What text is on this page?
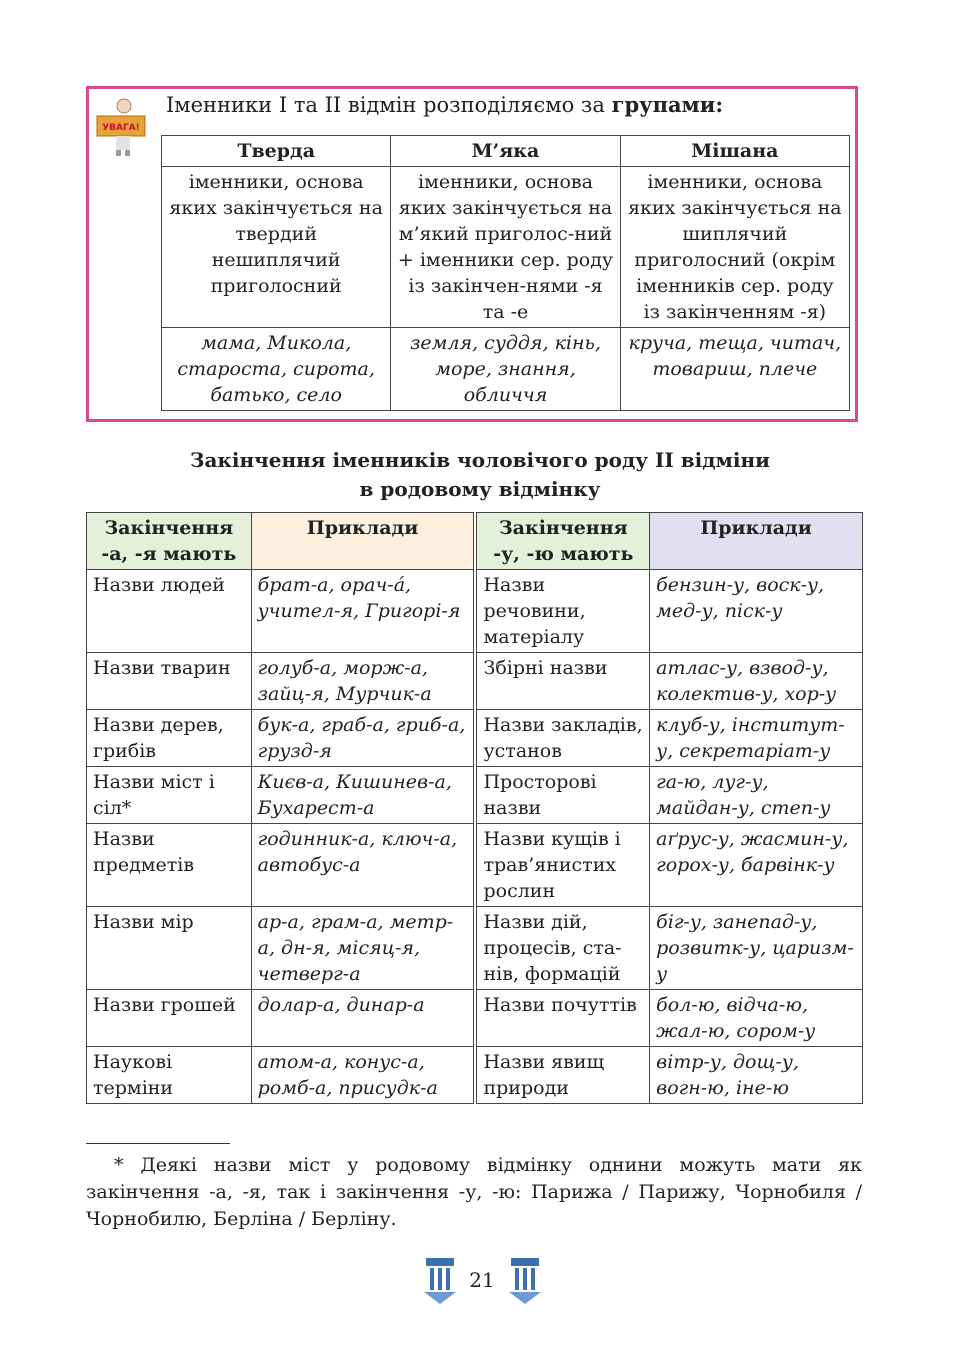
УВАГА!
Іменники І та ІІ відмін розподіляємо за групами:
Тверда	М’яка	Мішана
іменники, основа яких закінчується на твердий нешиплячий приголосний	іменники, основа яких закінчується на м’який приголос-ний + іменники сер. роду із закінчен-нями -я та -е	іменники, основа яких закінчується на шиплячий приголосний (окрім іменників сер. роду із закінченням -я)
мама, Микола, староста, сирота, батько, село	земля, суддя, кінь, море, знання, обличчя	круча, теща, читач, товариш, плече
Закінчення іменників чоловічого роду ІІ відміни
в родовому відмінку
Закінчення -а, -я мають	Приклади		Закінчення -у, -ю мають	Приклади
Назви людей	брат-а, орач-а́, учител-я, Григорі-я		Назви речовини, матеріалу	бензин-у, воск-у, мед-у, піск-у
Назви тварин	голуб-а, морж-а, зайц-я, Мурчик-а		Збірні назви	атлас-у, взвод-у, колектив-у, хор-у
Назви дерев, грибів	бук-а, граб-а, гриб-а, грузд-я		Назви закладів, установ	клуб-у, інститут-у, секретаріат-у
Назви міст і сіл*	Києв-а, Кишинев-а, Бухарест-а		Просторові назви	га-ю, луг-у, майдан-у, степ-у
Назви предметів	годинник-а, ключ-а, автобус-а		Назви кущів і трав’янистих рослин	аґрус-у, жасмин-у, горох-у, барвінк-у
Назви мір	ар-а, грам-а, метр-а, дн-я, місяц-я, четверг-а		Назви дій, процесів, ста-нів, формацій	біг-у, занепад-у, розвитк-у, царизм-у
Назви грошей	долар-а, динар-а		Назви почуттів	бол-ю, відча-ю, жал-ю, сором-у
Наукові терміни	атом-а, конус-а, ромб-а, присудк-а		Назви явищ природи	вітр-у, дощ-у, вогн-ю, іне-ю
* Деякі назви міст у родовому відмінку однини можуть мати як закінчення -а, -я, так і закінчення -у, -ю: Парижа / Парижу, Чорнобиля / Чорнобилю, Берліна / Берліну.
21
